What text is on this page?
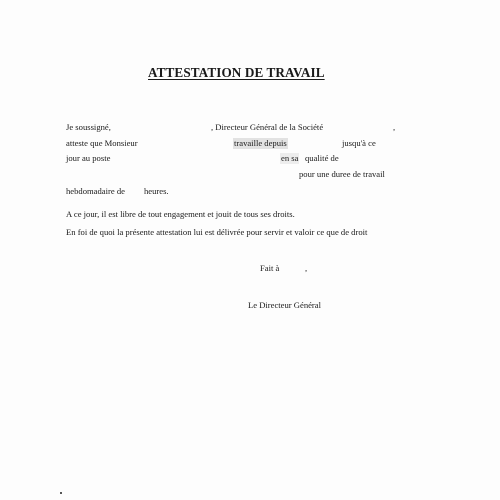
ATTESTATION DE TRAVAIL
Je soussigné,	, Directeur Général de la Société	,
atteste que Monsieur	travaille depuis	jusqu'à ce
jour au poste	en sa qualité de
pour une duree de travail
hebdomadaire de heures.
A ce jour, il est libre de tout engagement et jouit de tous ses droits.
En foi de quoi la présente attestation lui est délivrée pour servir et valoir ce que de droit
Fait à	,
Le Directeur Général
